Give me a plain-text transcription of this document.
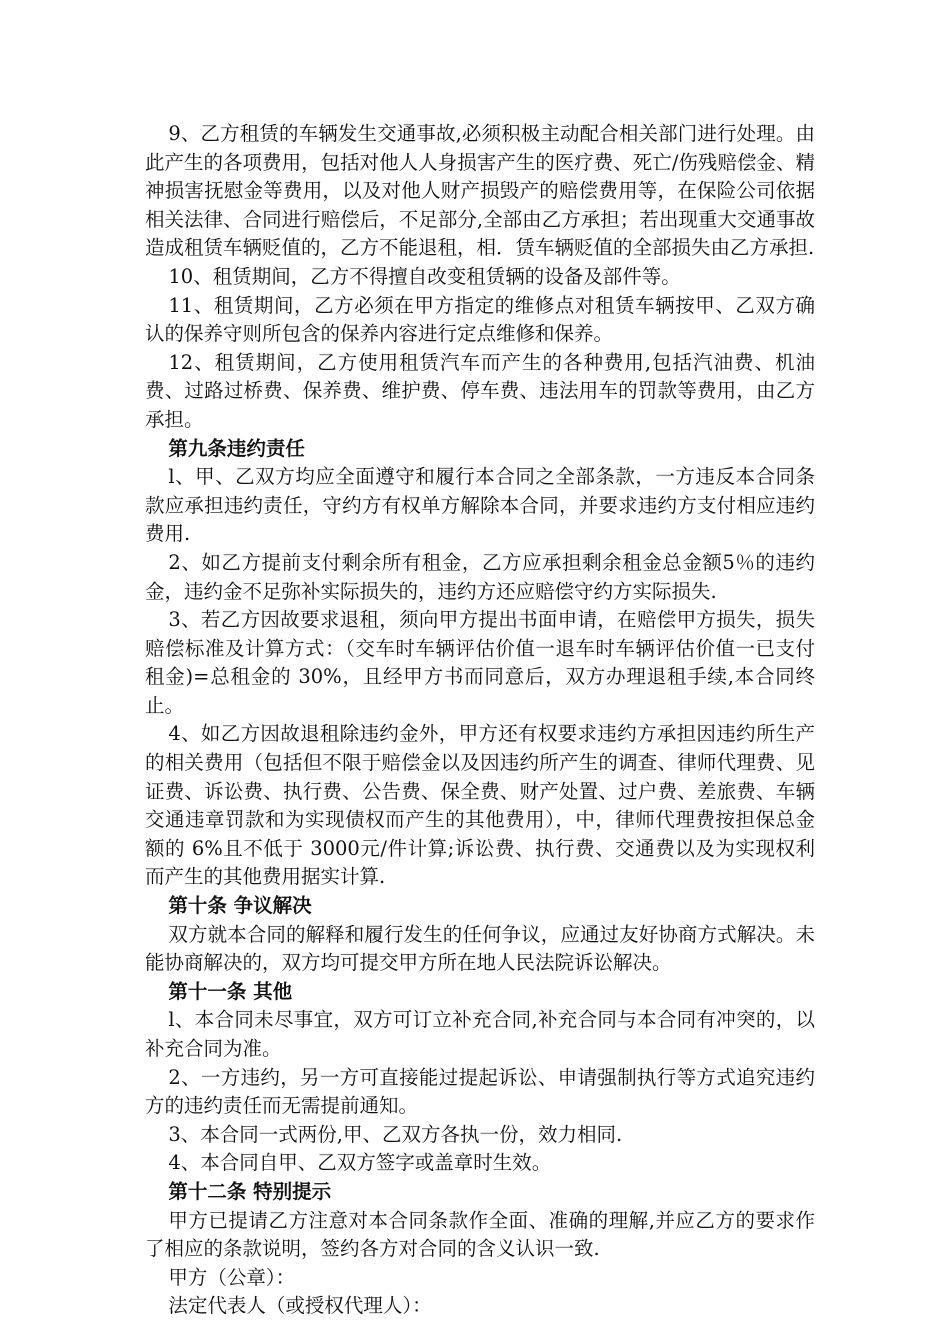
9、乙方租赁的车辆发生交通事故,必须积极主动配合相关部门进行处理。由此产生的各项费用，包括对他人人身损害产生的医疗费、死亡/伤残赔偿金、精神损害抚慰金等费用，以及对他人财产损毁产的赔偿费用等，在保险公司依据相关法律、合同进行赔偿后，不足部分,全部由乙方承担；若出现重大交通事故造成租赁车辆贬值的，乙方不能退租，相．赁车辆贬值的全部损失由乙方承担.

10、租赁期间，乙方不得擅自改变租赁辆的设备及部件等。

11、租赁期间，乙方必须在甲方指定的维修点对租赁车辆按甲、乙双方确认的保养守则所包含的保养内容进行定点维修和保养。

12、租赁期间，乙方使用租赁汽车而产生的各种费用,包括汽油费、机油费、过路过桥费、保养费、维护费、停车费、违法用车的罚款等费用，由乙方承担。

第九条违约责任

l、甲、乙双方均应全面遵守和履行本合同之全部条款，一方违反本合同条款应承担违约责任，守约方有权单方解除本合同，并要求违约方支付相应违约费用.

2、如乙方提前支付剩余所有租金，乙方应承担剩余租金总金额5％的违约金，违约金不足弥补实际损失的，违约方还应赔偿守约方实际损失.

3、若乙方因故要求退租，须向甲方提出书面申请，在赔偿甲方损失，损失赔偿标准及计算方式：（交车时车辆评估价值一退车时车辆评估价值一已支付租金)=总租金的 30%，且经甲方书而同意后，双方办理退租手续,本合同终止。

4、如乙方因故退租除违约金外，甲方还有权要求违约方承担因违约所生产的相关费用（包括但不限于赔偿金以及因违约所产生的调查、律师代理费、见证费、诉讼费、执行费、公告费、保全费、财产处置、过户费、差旅费、车辆交通违章罚款和为实现债权而产生的其他费用），中，律师代理费按担保总金额的 6%且不低于 3000元/件计算;诉讼费、执行费、交通费以及为实现权利而产生的其他费用据实计算.

第十条 争议解决

双方就本合同的解释和履行发生的任何争议，应通过友好协商方式解决。未能协商解决的，双方均可提交甲方所在地人民法院诉讼解决。

第十一条 其他

l、本合同未尽事宜，双方可订立补充合同,补充合同与本合同有冲突的，以补充合同为准。

2、一方违约，另一方可直接能过提起诉讼、申请强制执行等方式追究违约方的违约责任而无需提前通知。

3、本合同一式两份,甲、乙双方各执一份，效力相同.

4、本合同自甲、乙双方签字或盖章时生效。

第十二条 特别提示

甲方已提请乙方注意对本合同条款作全面、准确的理解,并应乙方的要求作了相应的条款说明，签约各方对合同的含义认识一致.

甲方（公章）：

法定代表人（或授权代理人）：
